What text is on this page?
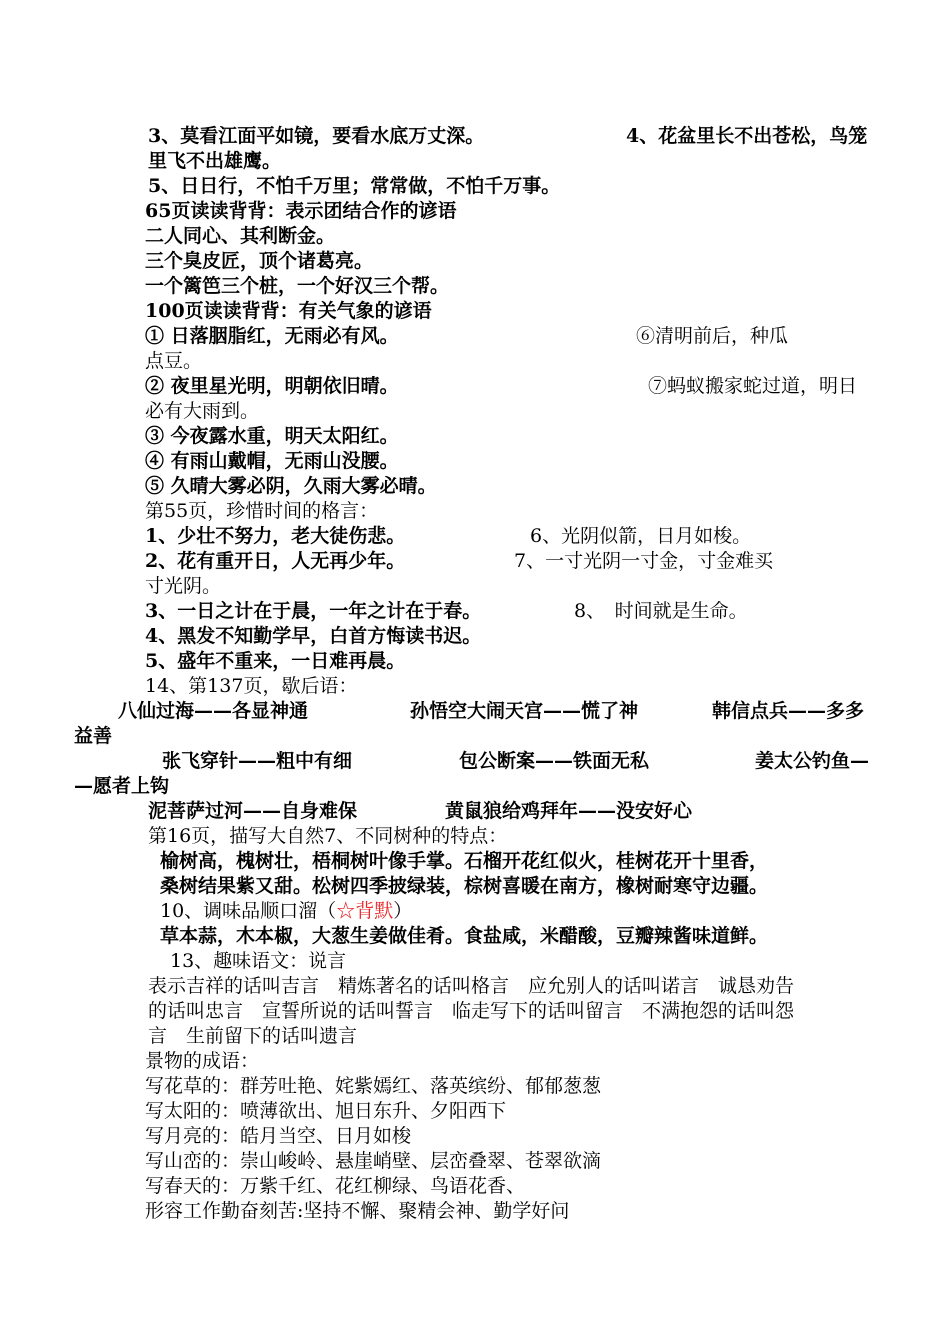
3、莫看江面平如镜，要看水底万丈深。	4、花盆里长不出苍松，鸟笼
里飞不出雄鹰。
5、日日行，不怕千万里；常常做，不怕千万事。
65页读读背背：表示团结合作的谚语
二人同心、其利断金。
三个臭皮匠，顶个诸葛亮。
一个篱笆三个桩，一个好汉三个帮。
100页读读背背：有关气象的谚语
① 日落胭脂红，无雨必有风。	⑥清明前后，种瓜
点豆。
② 夜里星光明，明朝依旧晴。	⑦蚂蚁搬家蛇过道，明日
必有大雨到。
③ 今夜露水重，明天太阳红。
④ 有雨山戴帽，无雨山没腰。
⑤ 久晴大雾必阴，久雨大雾必晴。
第55页，珍惜时间的格言：
1、少壮不努力，老大徒伤悲。	6、光阴似箭，日月如梭。
2、花有重开日，人无再少年。	7、一寸光阴一寸金，寸金难买
寸光阴。
3、一日之计在于晨，一年之计在于春。	8、　时间就是生命。
4、黑发不知勤学早，白首方悔读书迟。
5、盛年不重来，一日难再晨。
14、第137页，歇后语：
八仙过海——各显神通	孙悟空大闹天宫——慌了神	韩信点兵——多多
益善
张飞穿针——粗中有细	包公断案——铁面无私	姜太公钓鱼—
—愿者上钩
泥菩萨过河——自身难保	黄鼠狼给鸡拜年——没安好心
第16页，描写大自然7、不同树种的特点：
榆树高，槐树壮，梧桐树叶像手掌。石榴开花红似火，桂树花开十里香，
桑树结果紫又甜。松树四季披绿装，棕树喜暖在南方，橡树耐寒守边疆。
10、调味品顺口溜（☆背默）
草本蒜，木本椒，大葱生姜做佳肴。食盐咸，米醋酸，豆瓣辣酱味道鲜。
13、趣味语文：说言
表示吉祥的话叫吉言　精炼著名的话叫格言　应允别人的话叫诺言　诚恳劝告
的话叫忠言　宣誓所说的话叫誓言　临走写下的话叫留言　不满抱怨的话叫怨
言　生前留下的话叫遗言
景物的成语：
写花草的：群芳吐艳、姹紫嫣红、落英缤纷、郁郁葱葱
写太阳的：喷薄欲出、旭日东升、夕阳西下
写月亮的：皓月当空、日月如梭
写山峦的：崇山峻岭、悬崖峭壁、层峦叠翠、苍翠欲滴
写春天的：万紫千红、花红柳绿、鸟语花香、
形容工作勤奋刻苦:坚持不懈、聚精会神、勤学好问
